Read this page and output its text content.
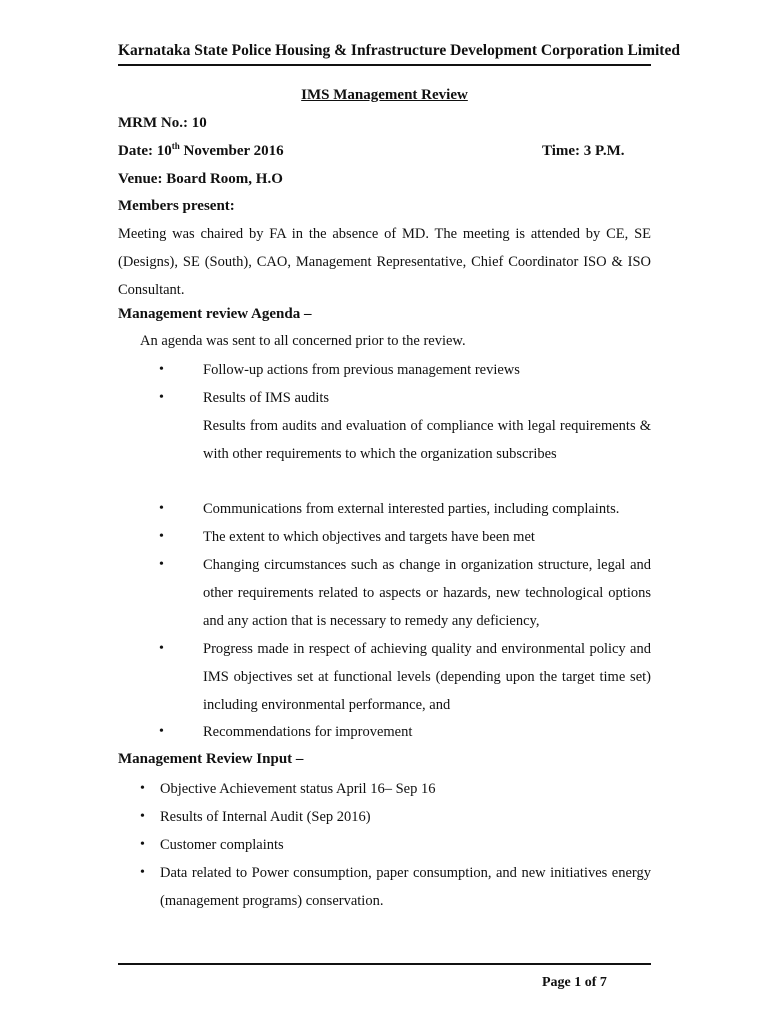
Karnataka State Police Housing & Infrastructure Development Corporation Limited
IMS Management Review
MRM No.: 10
Date: 10th November 2016	Time: 3 P.M.
Venue: Board Room, H.O
Members present:
Meeting was chaired by FA in the absence of MD. The meeting is attended by CE, SE (Designs), SE (South), CAO, Management Representative, Chief Coordinator ISO & ISO Consultant.
Management review Agenda –
An agenda was sent to all concerned prior to the review.
•	Follow-up actions from previous management reviews
•	Results of IMS audits
Results from audits and evaluation of compliance with legal requirements & with other requirements to which the organization subscribes
•	Communications from external interested parties, including complaints.
•	The extent to which objectives and targets have been met
•	Changing circumstances such as change in organization structure, legal and other requirements related to aspects or hazards, new technological options and any action that is necessary to remedy any deficiency,
•	Progress made in respect of achieving quality and environmental policy and IMS objectives set at functional levels (depending upon the target time set) including environmental performance, and
•	Recommendations for improvement
Management Review Input –
• Objective Achievement status April 16– Sep 16
• Results of Internal Audit (Sep 2016)
• Customer complaints
• Data related to Power consumption, paper consumption, and new initiatives energy (management programs) conservation.
Page 1 of 7
